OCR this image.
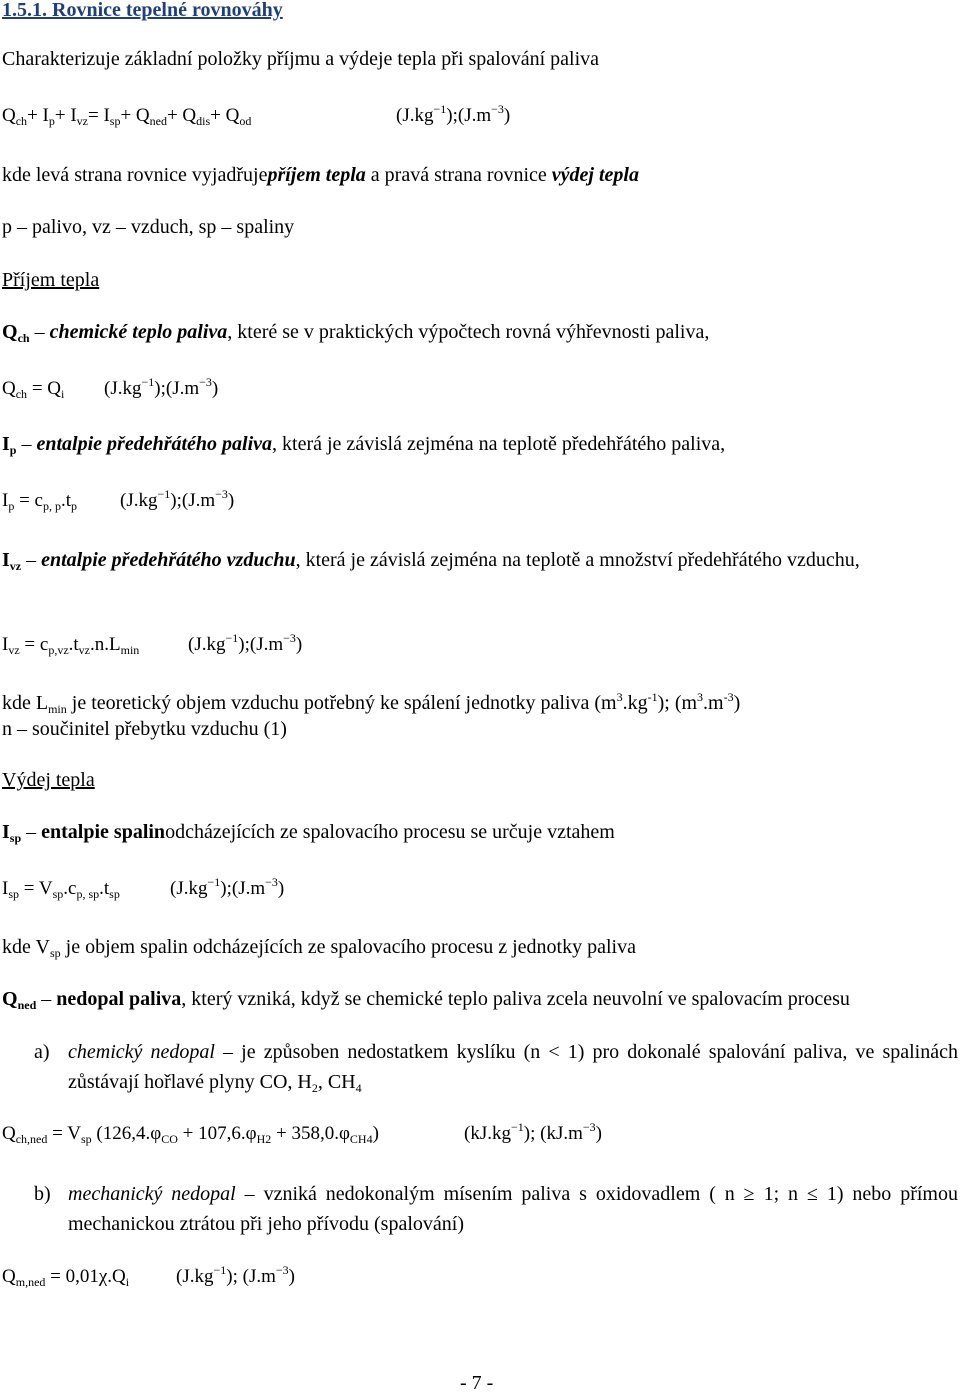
1.5.1. Rovnice tepelné rovnováhy
Charakterizuje základní položky příjmu a výdeje tepla při spalování paliva
$Q_{ch}+ I_p+ I_{vz}= I_{sp}+ Q_{ned}+ Q_{dis}+ Q_{od}$	$(J.kg^{-1});(J.m^{-3})$
kde levá strana rovnice vyjadřujepříjem tepla a pravá strana rovnice výdej tepla
p – palivo, vz – vzduch, sp – spaliny
Příjem tepla
$Q_{ch}$ – chemické teplo paliva, které se v praktických výpočtech rovná výhřevnosti paliva,
$Q_{ch} = Q_i$ $(J.kg^{-1});(J.m^{-3})$
$I_p$ – entalpie předehřátého paliva, která je závislá zejména na teplotě předehřátého paliva,
$I_p = c_{p, p}.t_p$ $(J.kg^{-1});(J.m^{-3})$
$I_{vz}$ – entalpie předehřátého vzduchu, která je závislá zejména na teplotě a množství předehřátého vzduchu,
$I_{vz} = c_{p,vz}.t_{vz}.n.L_{min}$	$(J.kg^{-1});(J.m^{-3})$
kde $L_{min}$ je teoretický objem vzduchu potřebný ke spálení jednotky paliva $(m^3.kg^{-1})$; $(m^3.m^{-3})$
n – součinitel přebytku vzduchu (1)
Výdej tepla
$I_{sp}$ – entalpie spalinodcházejících ze spalovacího procesu se určuje vztahem
$I_{sp} = V_{sp}.c_{p, sp}.t_{sp}$	$(J.kg^{-1});(J.m^{-3})$
kde $V_{sp}$ je objem spalin odcházejících ze spalovacího procesu z jednotky paliva
$Q_{ned}$ – nedopal paliva, který vzniká, když se chemické teplo paliva zcela neuvolní ve spalovacím procesu
a) chemický nedopal – je způsoben nedostatkem kyslíku (n < 1) pro dokonalé spalování paliva, ve spalinách zůstávají hořlavé plyny CO, $H_2$, $CH_4$
$Q_{ch,ned} = V_{sp}$ $(126,4.\varphi_{CO} + 107,6.\varphi_{H2} + 358,0.\varphi_{CH4})$	$(kJ.kg^{-1})$; $(kJ.m^{-3})$
b) mechanický nedopal – vzniká nedokonalým mísením paliva s oxidovadlem ( n ≥ 1; n ≤ 1) nebo přímou mechanickou ztrátou při jeho přívodu (spalování)
$Q_{m,ned} = 0,01\chi.Q_i$ $(J.kg^{-1})$; $(J.m^{-3})$
- 7 -
